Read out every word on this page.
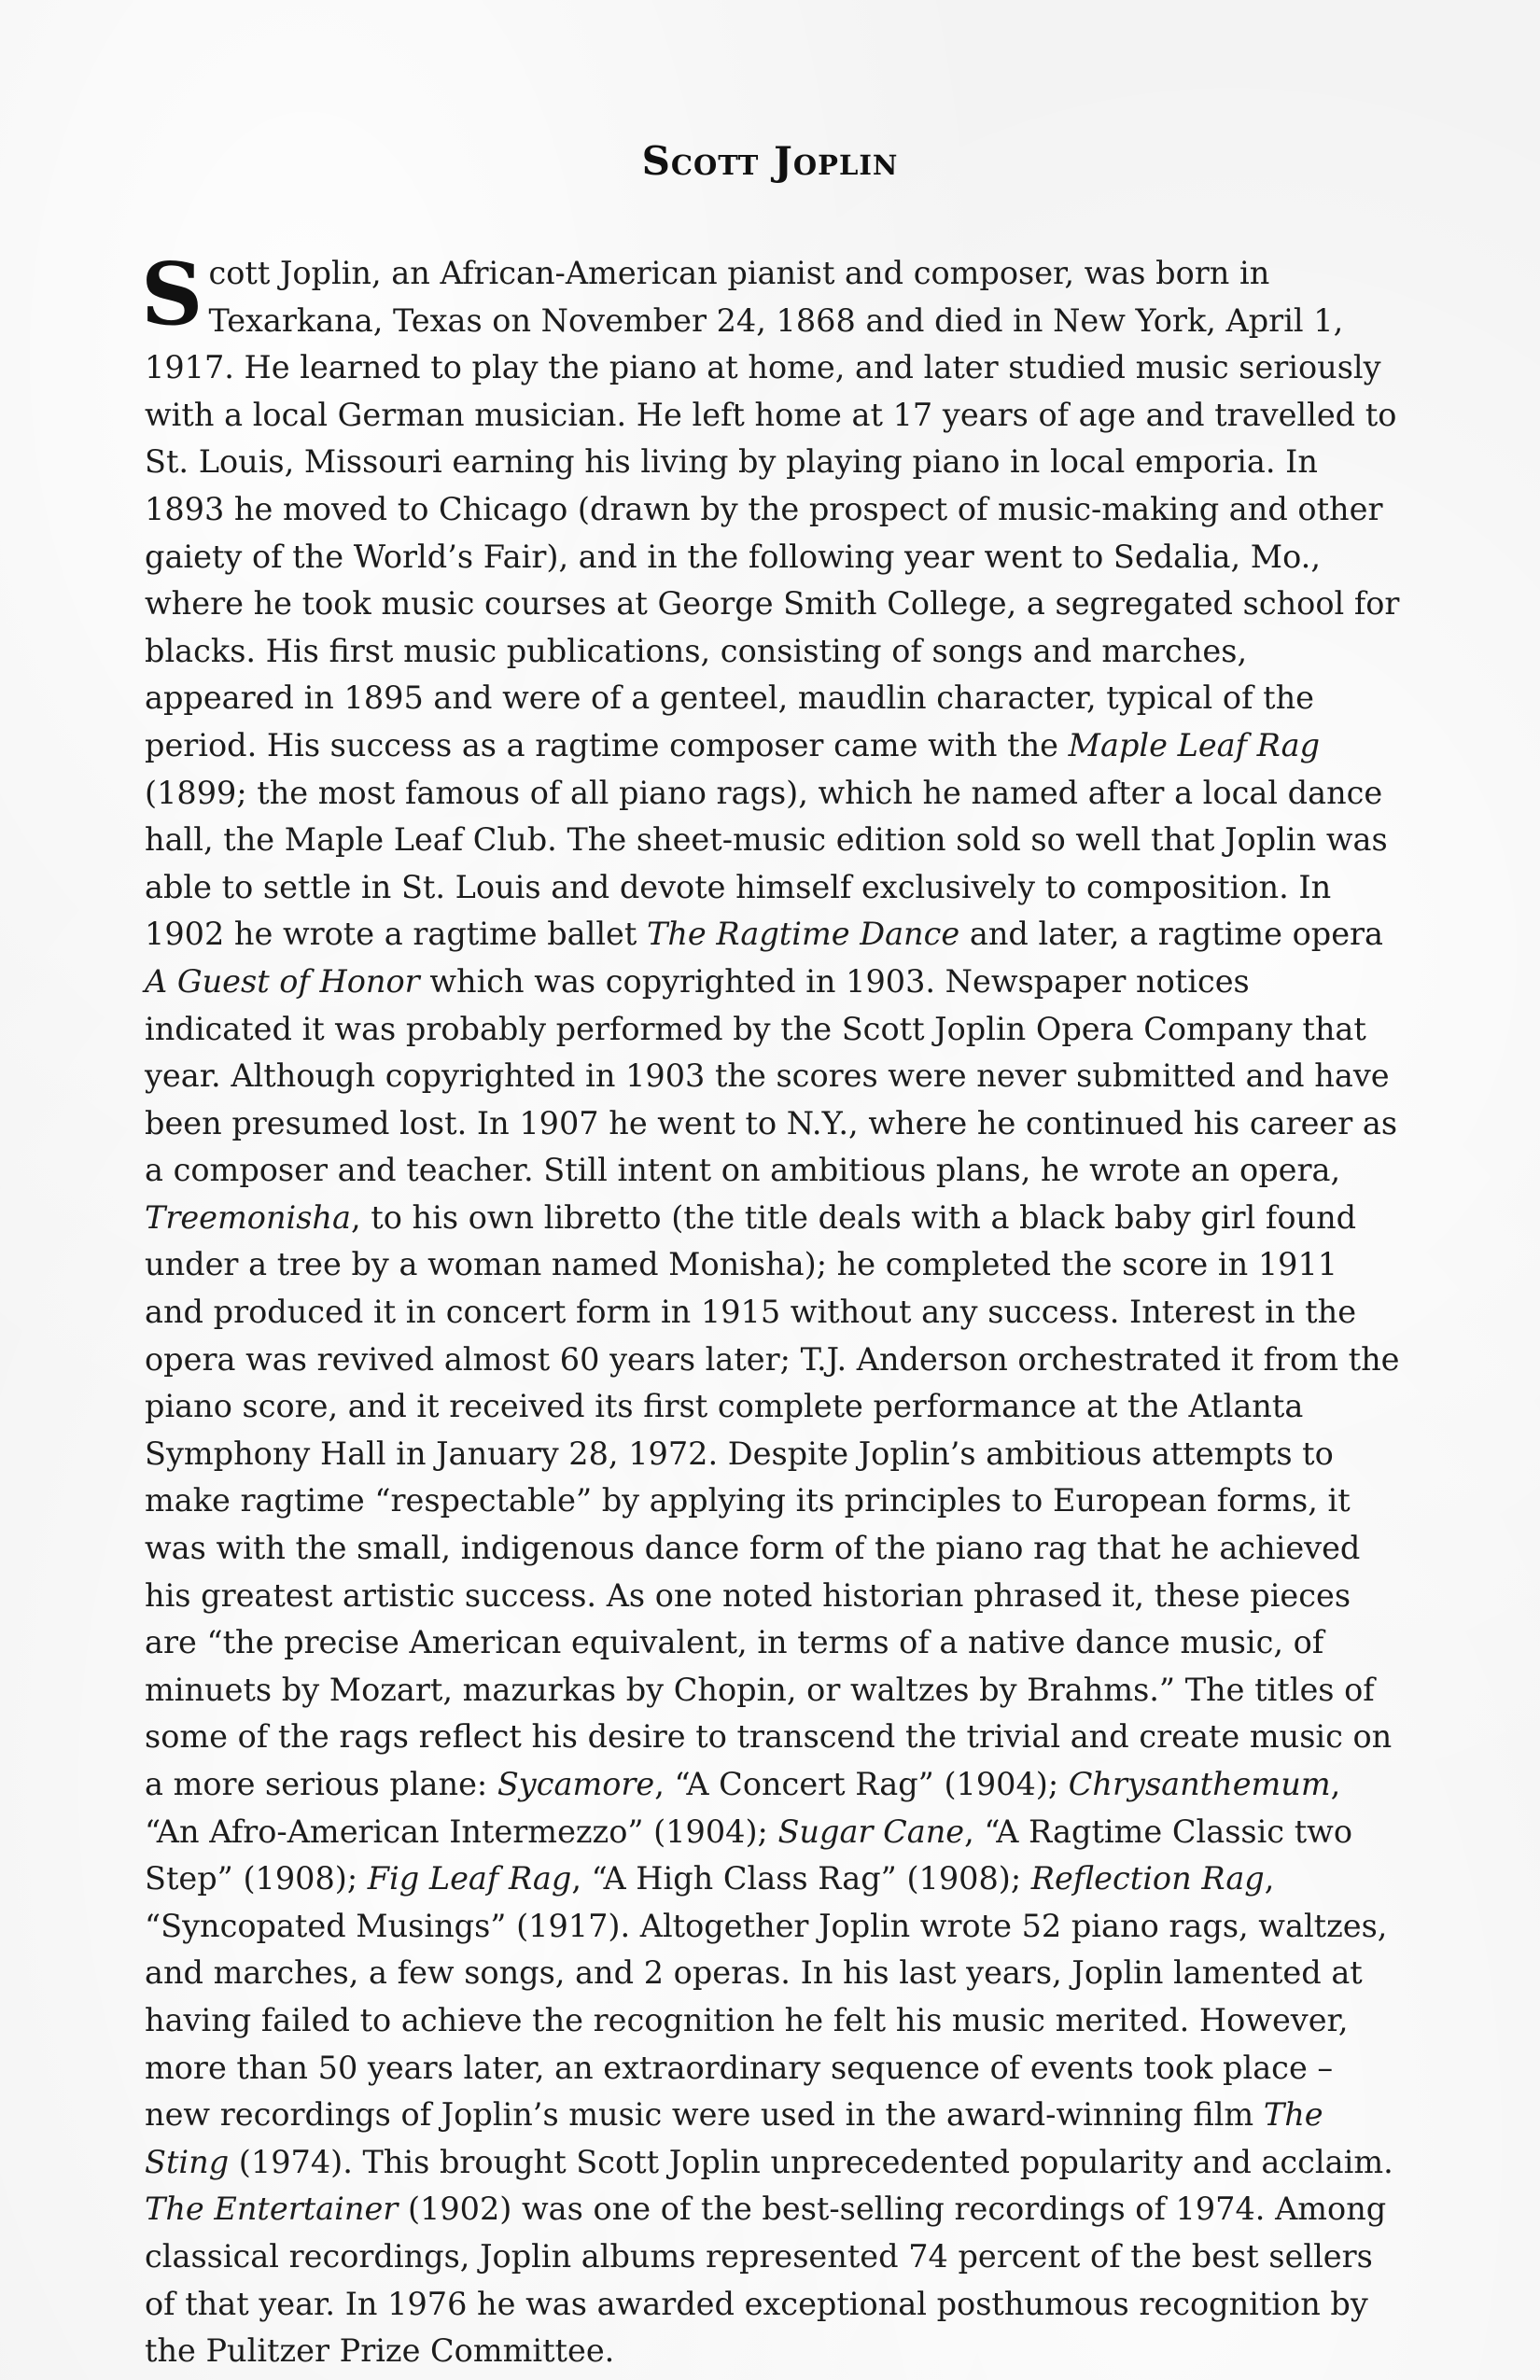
Scott Joplin
Scott Joplin, an African-American pianist and composer, was born in Texarkana, Texas on November 24, 1868 and died in New York, April 1, 1917. He learned to play the piano at home, and later studied music seriously with a local German musician. He left home at 17 years of age and travelled to St. Louis, Missouri earning his living by playing piano in local emporia. In 1893 he moved to Chicago (drawn by the prospect of music-making and other gaiety of the World’s Fair), and in the following year went to Sedalia, Mo., where he took music courses at George Smith College, a segregated school for blacks. His first music publications, consisting of songs and marches, appeared in 1895 and were of a genteel, maudlin character, typical of the period. His success as a ragtime composer came with the Maple Leaf Rag (1899; the most famous of all piano rags), which he named after a local dance hall, the Maple Leaf Club. The sheet-music edition sold so well that Joplin was able to settle in St. Louis and devote himself exclusively to composition. In 1902 he wrote a ragtime ballet The Ragtime Dance and later, a ragtime opera A Guest of Honor which was copyrighted in 1903. Newspaper notices indicated it was probably performed by the Scott Joplin Opera Company that year. Although copyrighted in 1903 the scores were never submitted and have been presumed lost. In 1907 he went to N.Y., where he continued his career as a composer and teacher. Still intent on ambitious plans, he wrote an opera, Treemonisha, to his own libretto (the title deals with a black baby girl found under a tree by a woman named Monisha); he completed the score in 1911 and produced it in concert form in 1915 without any success. Interest in the opera was revived almost 60 years later; T.J. Anderson orchestrated it from the piano score, and it received its first complete performance at the Atlanta Symphony Hall in January 28, 1972. Despite Joplin’s ambitious attempts to make ragtime “respectable” by applying its principles to European forms, it was with the small, indigenous dance form of the piano rag that he achieved his greatest artistic success. As one noted historian phrased it, these pieces are “the precise American equivalent, in terms of a native dance music, of minuets by Mozart, mazurkas by Chopin, or waltzes by Brahms.” The titles of some of the rags reflect his desire to transcend the trivial and create music on a more serious plane: Sycamore, “A Concert Rag” (1904); Chrysanthemum, “An Afro-American Intermezzo” (1904); Sugar Cane, “A Ragtime Classic two Step” (1908); Fig Leaf Rag, “A High Class Rag” (1908); Reflection Rag, “Syncopated Musings” (1917). Altogether Joplin wrote 52 piano rags, waltzes, and marches, a few songs, and 2 operas. In his last years, Joplin lamented at having failed to achieve the recognition he felt his music merited. However, more than 50 years later, an extraordinary sequence of events took place – new recordings of Joplin’s music were used in the award-winning film The Sting (1974). This brought Scott Joplin unprecedented popularity and acclaim. The Entertainer (1902) was one of the best-selling recordings of 1974. Among classical recordings, Joplin albums represented 74 percent of the best sellers of that year. In 1976 he was awarded exceptional posthumous recognition by the Pulitzer Prize Committee.
